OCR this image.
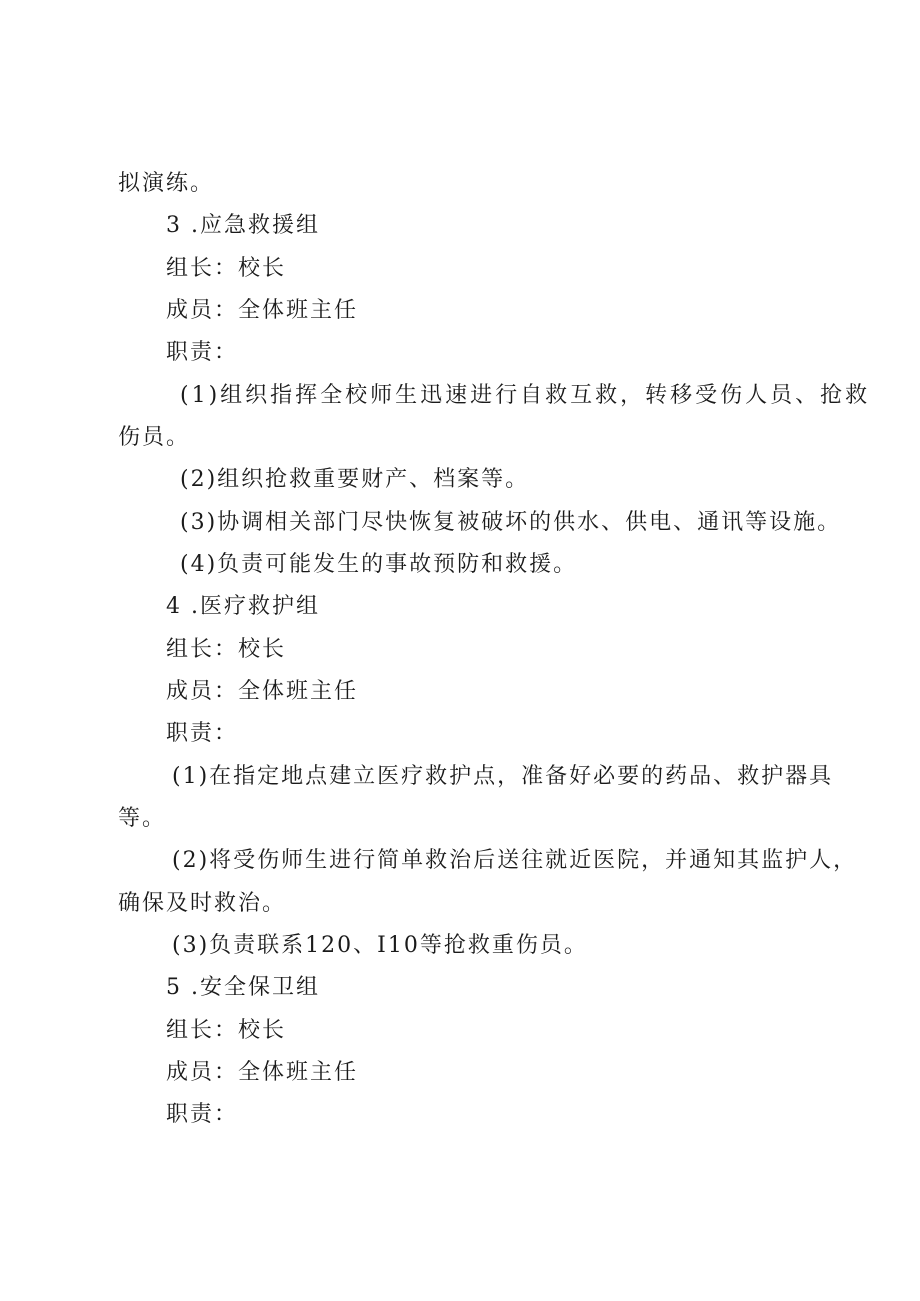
拟演练。

3 .应急救援组

组长：校长

成员：全体班主任

职责：

(1)组织指挥全校师生迅速进行自救互救，转移受伤人员、抢救

伤员。

(2)组织抢救重要财产、档案等。

(3)协调相关部门尽快恢复被破坏的供水、供电、通讯等设施。

(4)负责可能发生的事故预防和救援。

4 .医疗救护组

组长：校长

成员：全体班主任

职责：

(1)在指定地点建立医疗救护点，准备好必要的药品、救护器具

等。

(2)将受伤师生进行简单救治后送往就近医院，并通知其监护人，

确保及时救治。

(3)负责联系120、I10等抢救重伤员。

5 .安全保卫组

组长：校长

成员：全体班主任

职责：
